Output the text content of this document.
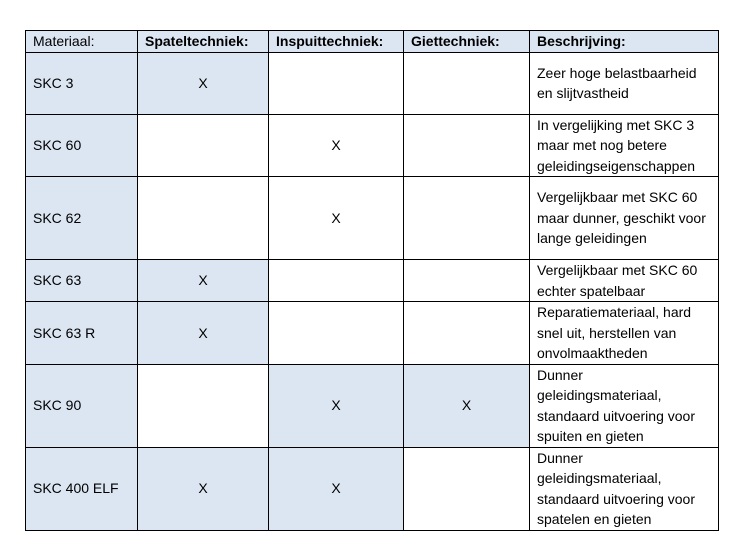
Materiaal:	Spateltechniek:	Inspuittechniek:	Giettechniek:	Beschrijving:
SKC 3	X			Zeer hoge belastbaarheid en slijtvastheid
SKC 60		X		In vergelijking met SKC 3 maar met nog betere geleidingseigenschappen
SKC 62		X		Vergelijkbaar met SKC 60 maar dunner, geschikt voor lange geleidingen
SKC 63	X			Vergelijkbaar met SKC 60 echter spatelbaar
SKC 63 R	X			Reparatiemateriaal, hard snel uit, herstellen van onvolmaaktheden
SKC 90		X	X	Dunner geleidingsmateriaal, standaard uitvoering voor spuiten en gieten
SKC 400 ELF	X	X		Dunner geleidingsmateriaal, standaard uitvoering voor spatelen en gieten
